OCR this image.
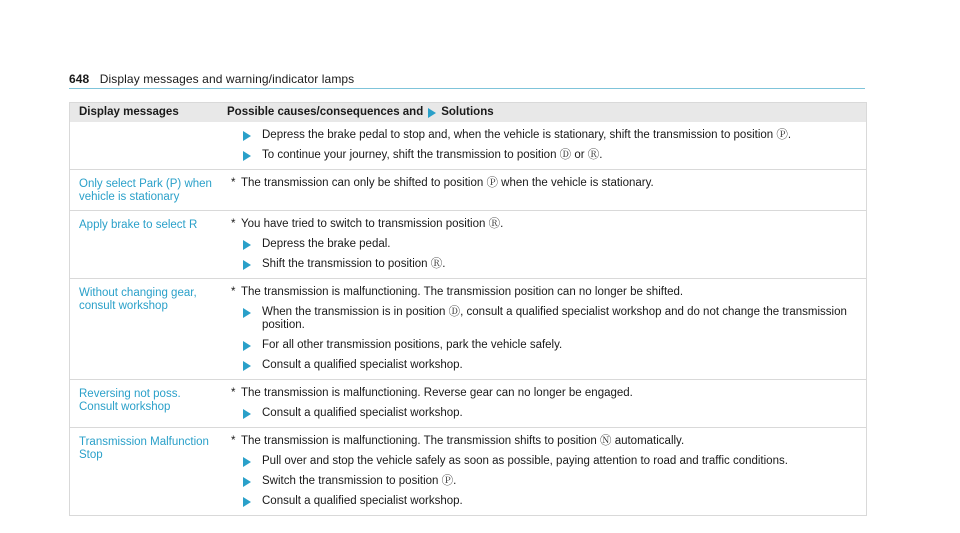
648 Display messages and warning/indicator lamps
Display messages	Possible causes/consequences and Solutions
Depress the brake pedal to stop and, when the vehicle is stationary, shift the transmission to position Ⓟ.
To continue your journey, shift the transmission to position Ⓓ or Ⓡ.
Only select Park (P) when vehicle is stationary
* The transmission can only be shifted to position Ⓟ when the vehicle is stationary.
Apply brake to select R	* You have tried to switch to transmission position Ⓡ.
Depress the brake pedal.
Shift the transmission to position Ⓡ.
Without changing gear, consult workshop
* The transmission is malfunctioning. The transmission position can no longer be shifted.
When the transmission is in position Ⓓ, consult a qualified specialist workshop and do not change the transmission position.
For all other transmission positions, park the vehicle safely.
Consult a qualified specialist workshop.
Reversing not poss. Consult workshop
* The transmission is malfunctioning. Reverse gear can no longer be engaged.
Consult a qualified specialist workshop.
Transmission Malfunction Stop
* The transmission is malfunctioning. The transmission shifts to position Ⓝ automatically.
Pull over and stop the vehicle safely as soon as possible, paying attention to road and traffic conditions.
Switch the transmission to position Ⓟ.
Consult a qualified specialist workshop.
